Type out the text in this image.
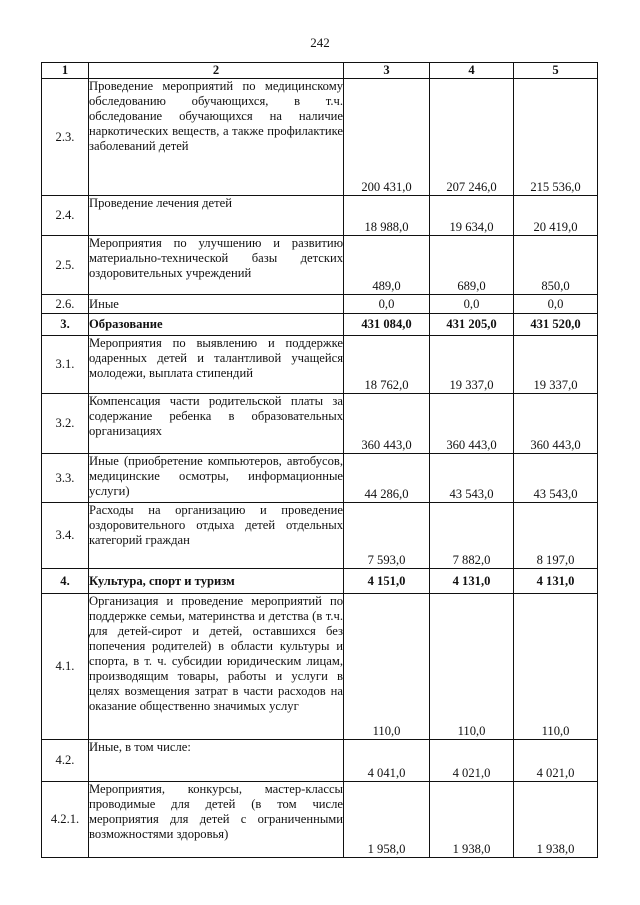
242
1	2	3	4	5
2.3.	Проведение мероприятий по медицинскому обследованию обучающихся, в т.ч. обследование обучающихся на наличие наркотических веществ, а также профилактике заболеваний детей	200 431,0	207 246,0	215 536,0
2.4.	Проведение лечения детей	18 988,0	19 634,0	20 419,0
2.5.	Мероприятия по улучшению и развитию материально-технической базы детских оздоровительных учреждений	489,0	689,0	850,0
2.6.	Иные	0,0	0,0	0,0
3.	Образование	431 084,0	431 205,0	431 520,0
3.1.	Мероприятия по выявлению и поддержке одаренных детей и талантливой учащейся молодежи, выплата стипендий	18 762,0	19 337,0	19 337,0
3.2.	Компенсация части родительской платы за содержание ребенка в образовательных организациях	360 443,0	360 443,0	360 443,0
3.3.	Иные (приобретение компьютеров, автобусов, медицинские осмотры, информационные услуги)	44 286,0	43 543,0	43 543,0
3.4.	Расходы на организацию и проведение оздоровительного отдыха детей отдельных категорий граждан	7 593,0	7 882,0	8 197,0
4.	Культура, спорт и туризм	4 151,0	4 131,0	4 131,0
4.1.	Организация и проведение мероприятий по поддержке семьи, материнства и детства (в т.ч. для детей-сирот и детей, оставшихся без попечения родителей) в области культуры и спорта, в т. ч. субсидии юридическим лицам, производящим товары, работы и услуги в целях возмещения затрат в части расходов на оказание общественно значимых услуг	110,0	110,0	110,0
4.2.	Иные, в том числе:	4 041,0	4 021,0	4 021,0
4.2.1.	Мероприятия, конкурсы, мастер-классы проводимые для детей (в том числе мероприятия для детей с ограниченными возможностями здоровья)	1 958,0	1 938,0	1 938,0
